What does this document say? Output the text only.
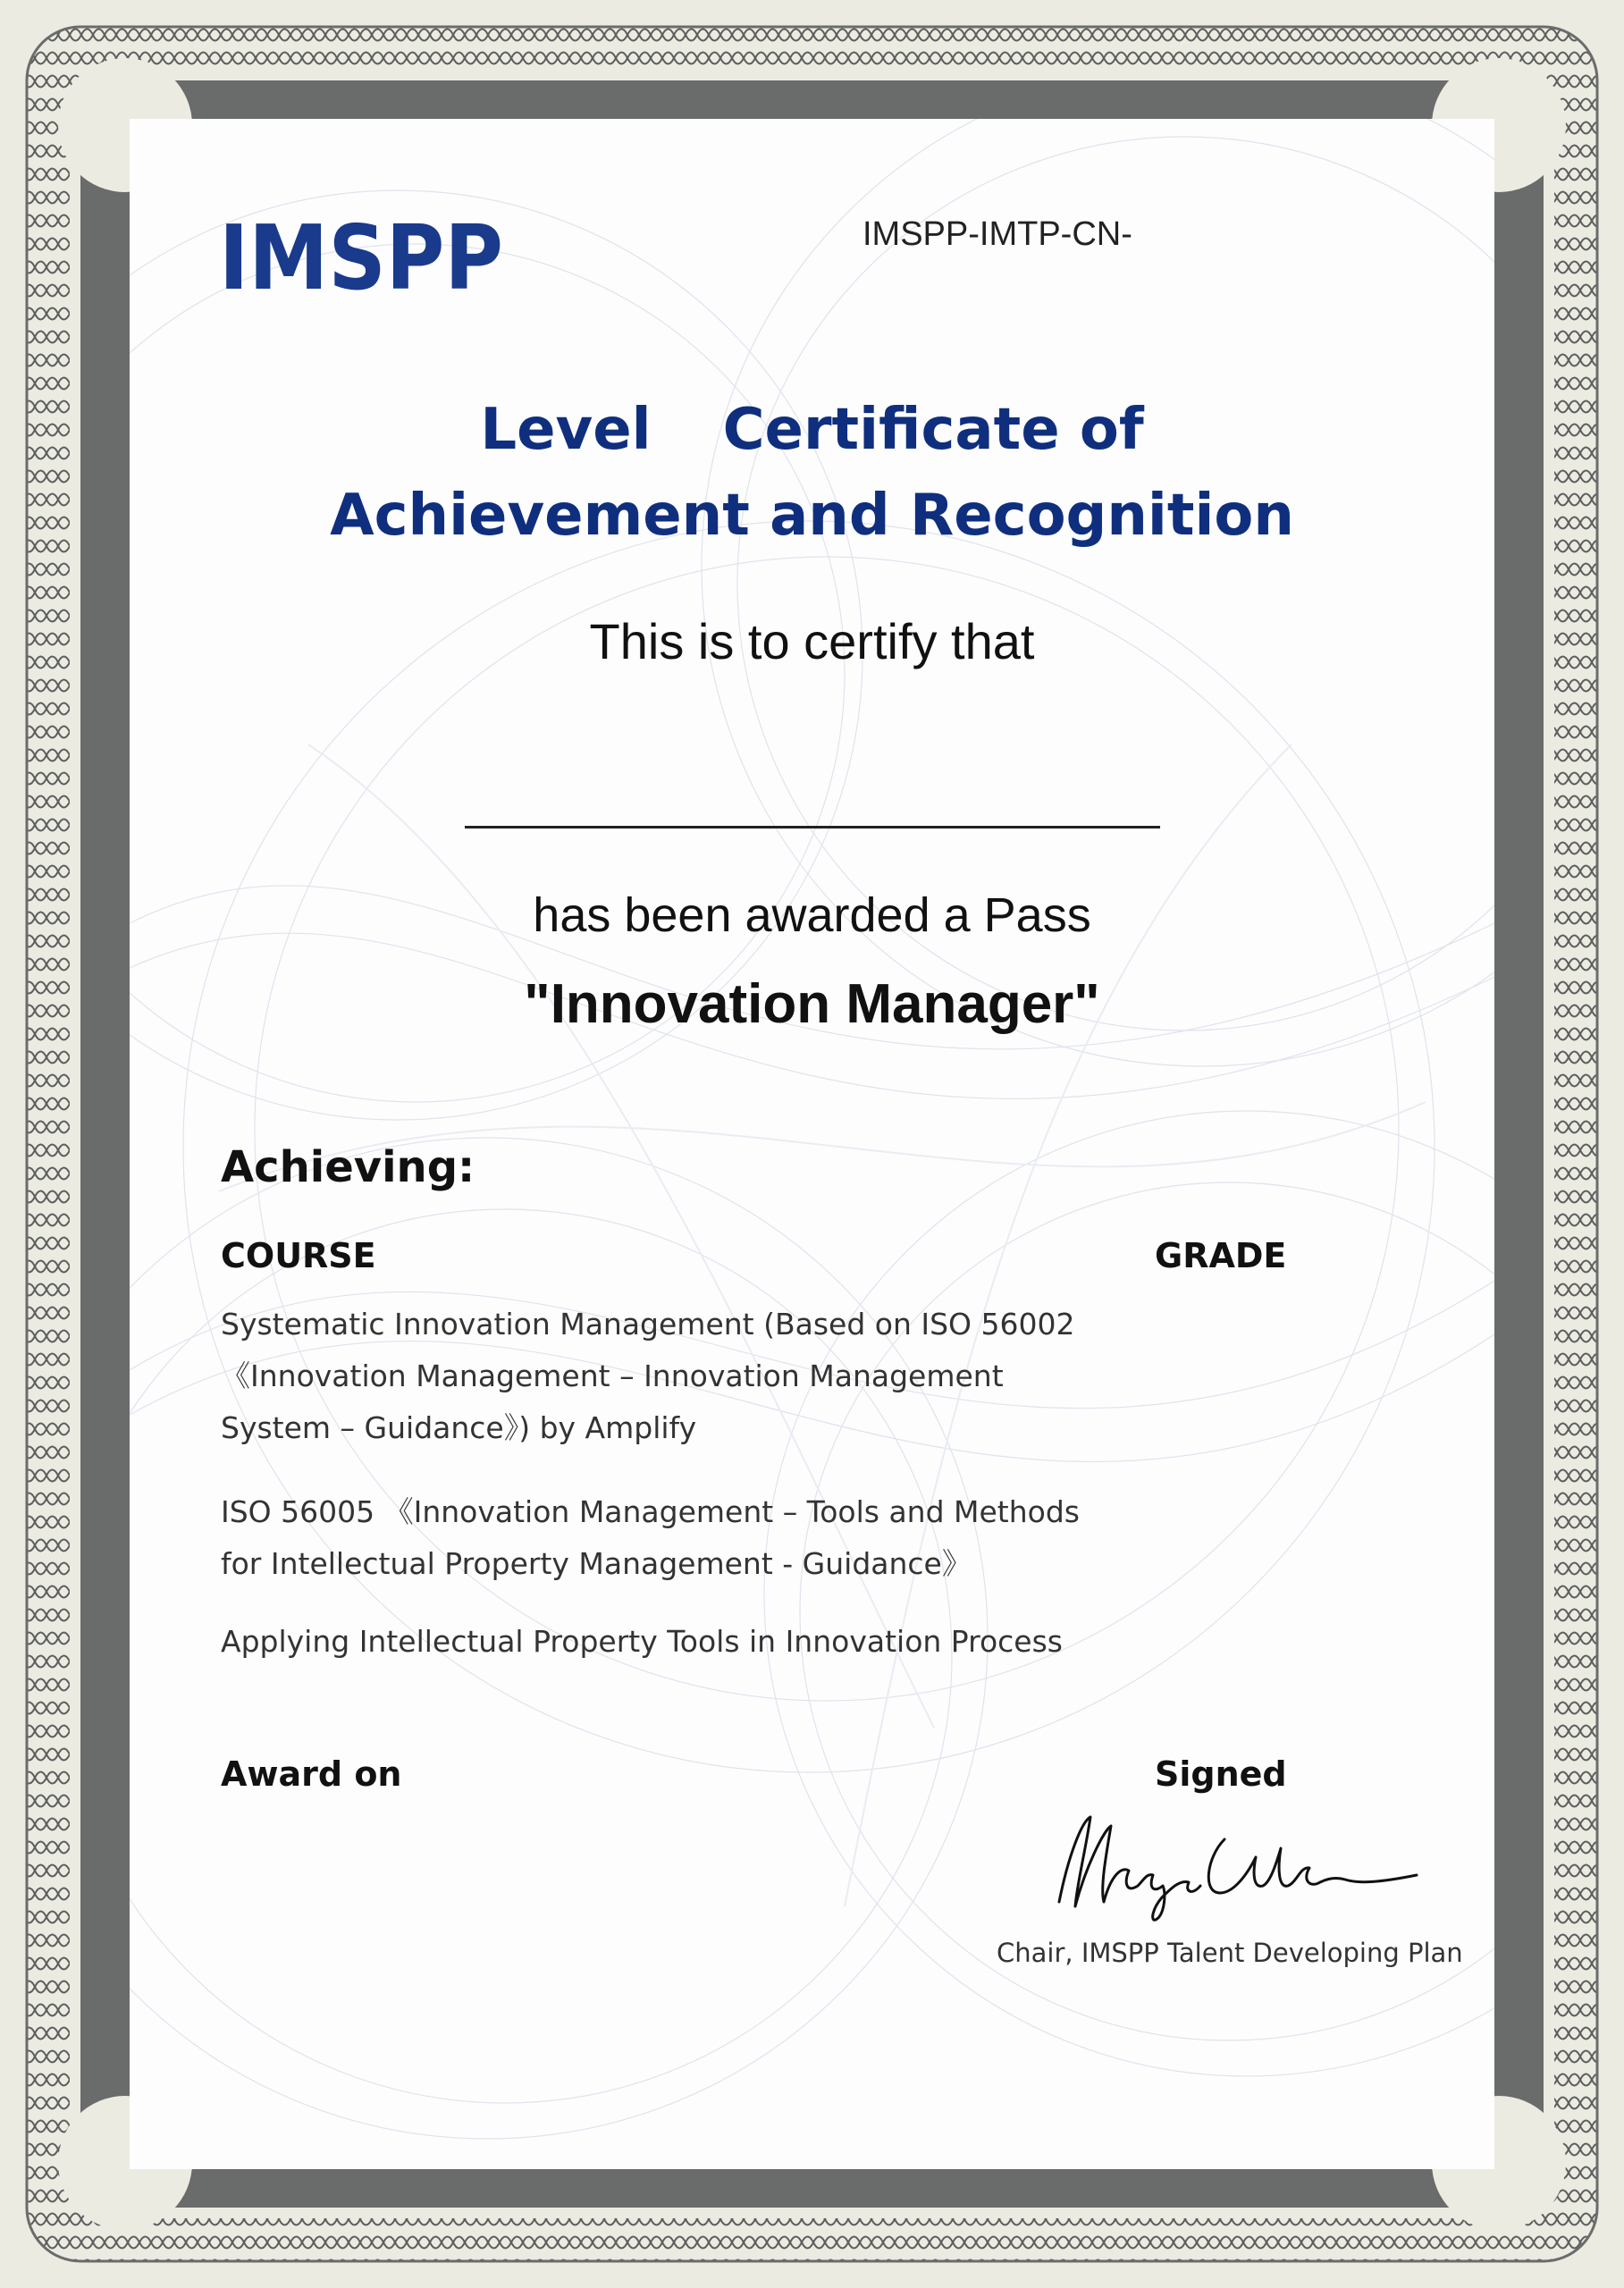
IMSPP	IMSPP-IMTP-CN-
Level Certificate of
Achievement and Recognition
This is to certify that
has been awarded a Pass
"Innovation Manager"
Achieving:
COURSE	GRADE
Systematic Innovation Management (Based on ISO 56002
《Innovation Management – Innovation Management
System – Guidance》) by Amplify
ISO 56005 《Innovation Management – Tools and Methods
for Intellectual Property Management - Guidance》
Applying Intellectual Property Tools in Innovation Process
Award on	Signed
Chair, IMSPP Talent Developing Plan
